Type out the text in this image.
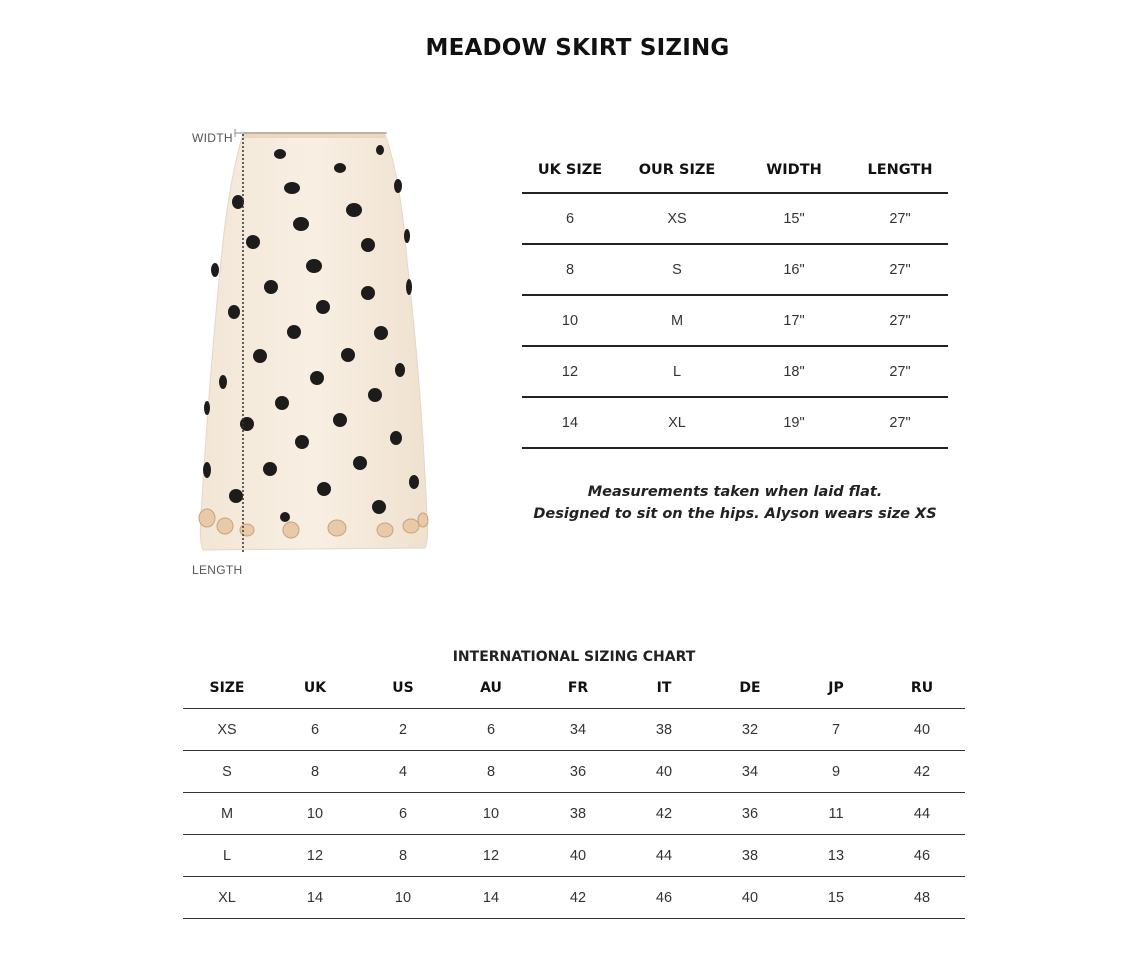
MEADOW SKIRT SIZING
WIDTH
LENGTH
UK SIZE	OUR SIZE	WIDTH	LENGTH
6	XS	15"	27"
8	S	16"	27"
10	M	17"	27"
12	L	18"	27"
14	XL	19"	27"
Measurements taken when laid flat.
Designed to sit on the hips. Alyson wears size XS
INTERNATIONAL SIZING CHART
SIZE	UK	US	AU	FR	IT	DE	JP	RU
XS	6	2	6	34	38	32	7	40
S	8	4	8	36	40	34	9	42
M	10	6	10	38	42	36	11	44
L	12	8	12	40	44	38	13	46
XL	14	10	14	42	46	40	15	48
